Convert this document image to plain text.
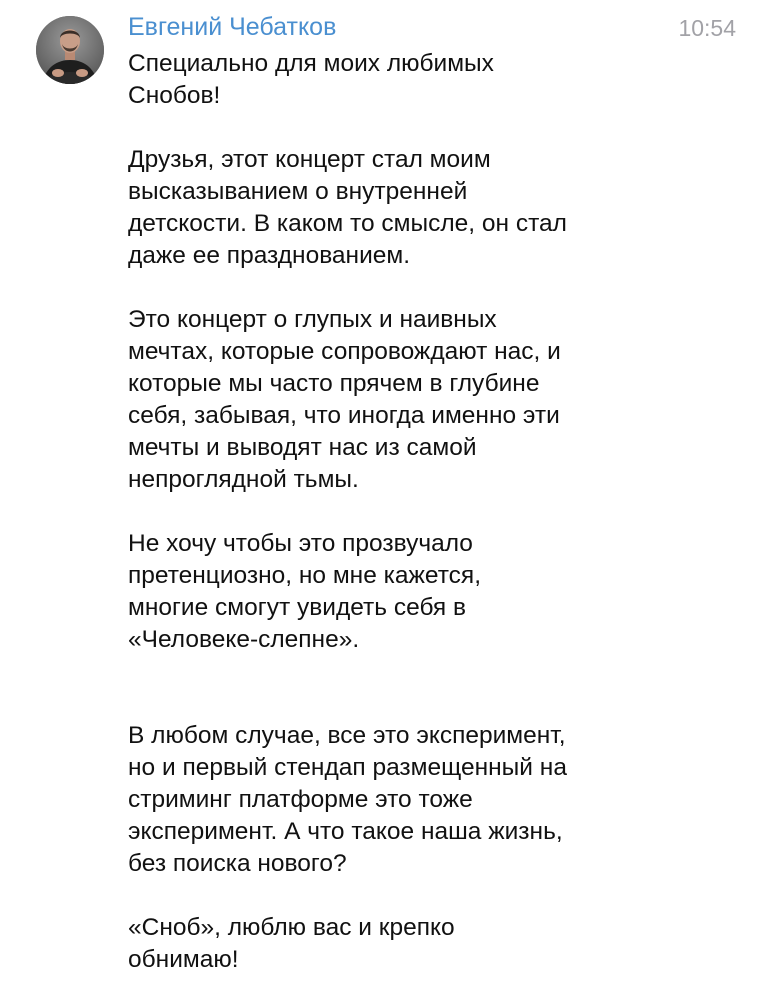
Евгений Чебатков	10:54

Специально для моих любимых
Снобов!

Друзья, этот концерт стал моим
высказыванием о внутренней
детскости. В каком то смысле, он стал
даже ее празднованием.

Это концерт о глупых и наивных
мечтах, которые сопровождают нас, и
которые мы часто прячем в глубине
себя, забывая, что иногда именно эти
мечты и выводят нас из самой
непроглядной тьмы.

Не хочу чтобы это прозвучало
претенциозно, но мне кажется,
многие смогут увидеть себя в
«Человеке-слепне».

В любом случае, все это эксперимент,
но и первый стендап размещенный на
стриминг платформе это тоже
эксперимент. А что такое наша жизнь,
без поиска нового?

«Сноб», люблю вас и крепко
обнимаю!
